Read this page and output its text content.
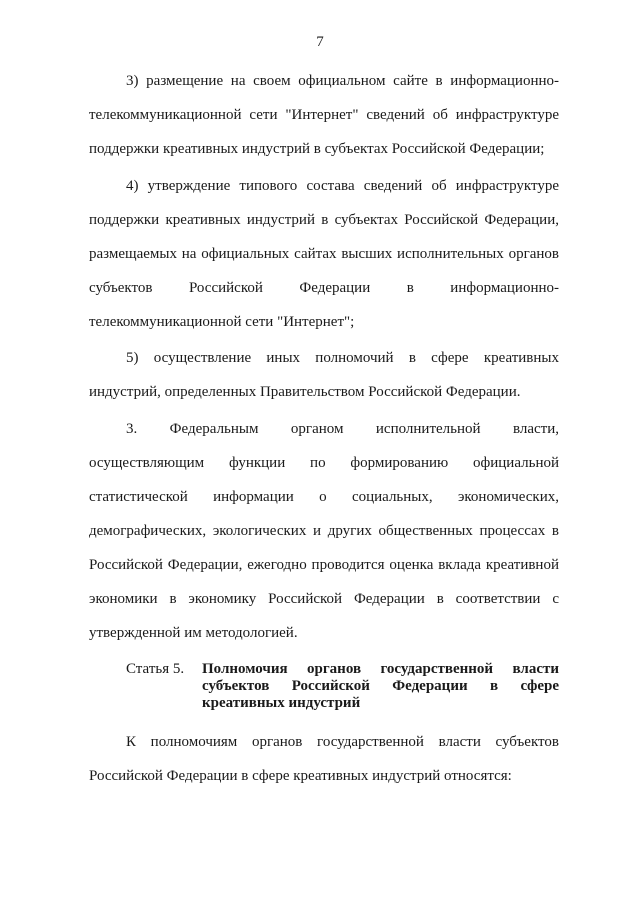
7
3) размещение на своем официальном сайте в информационно-
телекоммуникационной сети "Интернет" сведений об инфраструктуре
поддержки креативных индустрий в субъектах Российской Федерации;
4) утверждение типового состава сведений об инфраструктуре
поддержки креативных индустрий в субъектах Российской Федерации,
размещаемых на официальных сайтах высших исполнительных органов
субъектов Российской Федерации в информационно-
телекоммуникационной сети "Интернет";
5) осуществление иных полномочий в сфере креативных
индустрий, определенных Правительством Российской Федерации.
3. Федеральным органом исполнительной власти,
осуществляющим функции по формированию официальной
статистической информации о социальных, экономических,
демографических, экологических и других общественных процессах в
Российской Федерации, ежегодно проводится оценка вклада креативной
экономики в экономику Российской Федерации в соответствии с
утвержденной им методологией.
Статья 5. Полномочия органов государственной власти
субъектов Российской Федерации в сфере
креативных индустрий
К полномочиям органов государственной власти субъектов
Российской Федерации в сфере креативных индустрий относятся:
